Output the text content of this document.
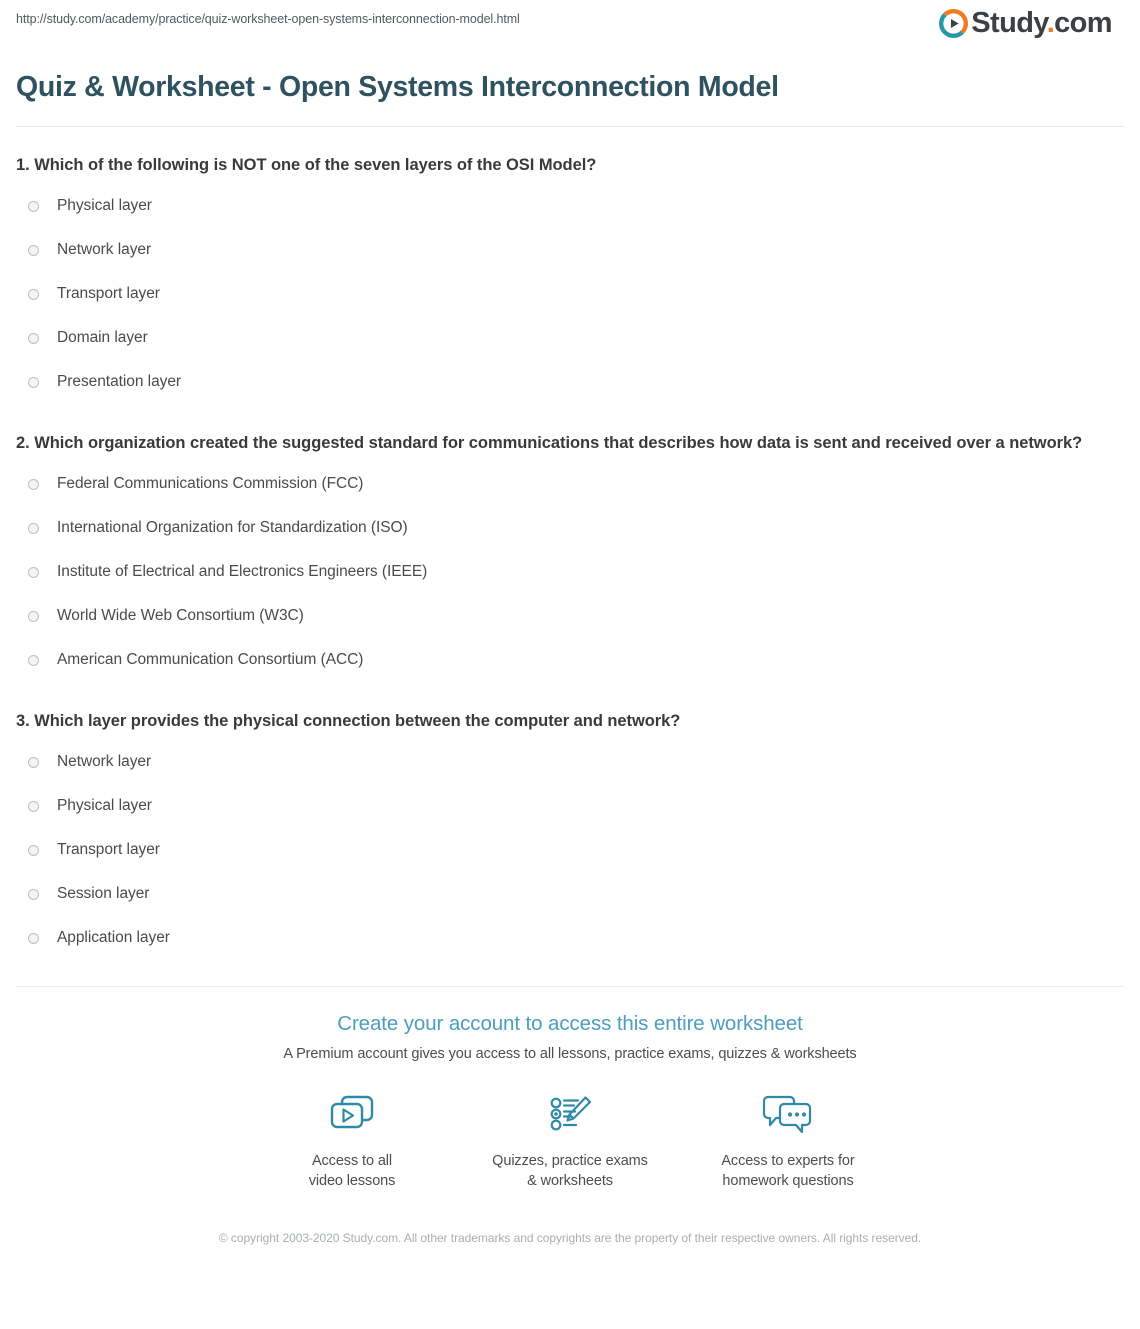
http://study.com/academy/practice/quiz-worksheet-open-systems-interconnection-model.html	Study.com
Quiz & Worksheet - Open Systems Interconnection Model

1. Which of the following is NOT one of the seven layers of the OSI Model?

Physical layer
Network layer
Transport layer
Domain layer
Presentation layer

2. Which organization created the suggested standard for communications that describes how data is sent and received over a network?

Federal Communications Commission (FCC)
International Organization for Standardization (ISO)
Institute of Electrical and Electronics Engineers (IEEE)
World Wide Web Consortium (W3C)
American Communication Consortium (ACC)

3. Which layer provides the physical connection between the computer and network?

Network layer
Physical layer
Transport layer
Session layer
Application layer
Create your account to access this entire worksheet
A Premium account gives you access to all lessons, practice exams, quizzes & worksheets
Access to all
video lessons
Quizzes, practice exams
& worksheets
Access to experts for
homework questions
© copyright 2003-2020 Study.com. All other trademarks and copyrights are the property of their respective owners. All rights reserved.
